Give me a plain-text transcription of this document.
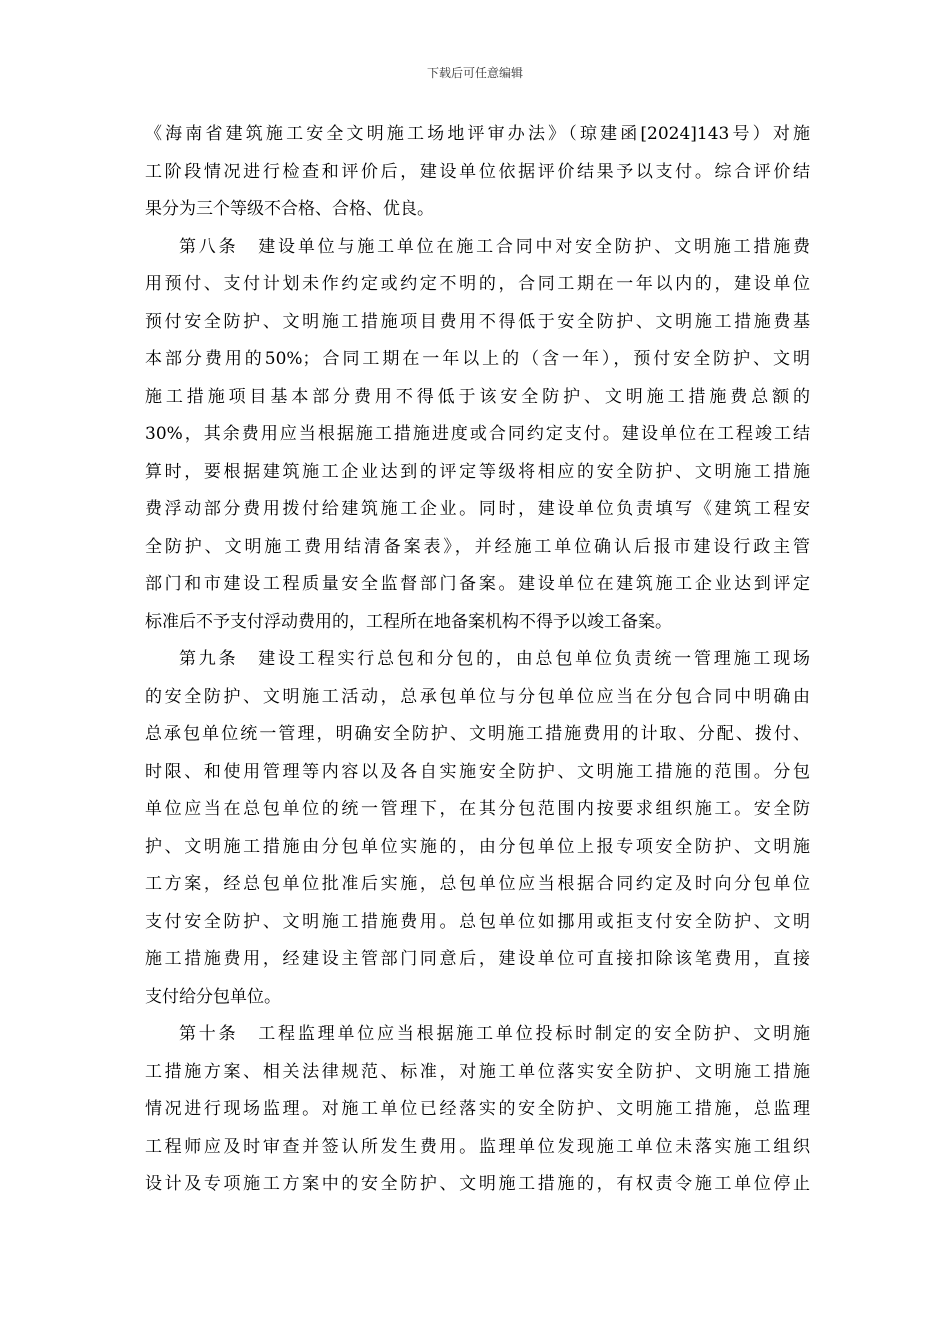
下载后可任意编辑
《海南省建筑施工安全文明施工场地评审办法》（琼建函[2024]143号）对施
工阶段情况进行检查和评价后，建设单位依据评价结果予以支付。综合评价结
果分为三个等级不合格、合格、优良。
第八条　建设单位与施工单位在施工合同中对安全防护、文明施工措施费
用预付、支付计划未作约定或约定不明的，合同工期在一年以内的，建设单位
预付安全防护、文明施工措施项目费用不得低于安全防护、文明施工措施费基
本部分费用的50%；合同工期在一年以上的（含一年），预付安全防护、文明
施工措施项目基本部分费用不得低于该安全防护、文明施工措施费总额的
30%，其余费用应当根据施工措施进度或合同约定支付。建设单位在工程竣工结
算时，要根据建筑施工企业达到的评定等级将相应的安全防护、文明施工措施
费浮动部分费用拨付给建筑施工企业。同时，建设单位负责填写《建筑工程安
全防护、文明施工费用结清备案表》，并经施工单位确认后报市建设行政主管
部门和市建设工程质量安全监督部门备案。建设单位在建筑施工企业达到评定
标准后不予支付浮动费用的，工程所在地备案机构不得予以竣工备案。
第九条　建设工程实行总包和分包的，由总包单位负责统一管理施工现场
的安全防护、文明施工活动，总承包单位与分包单位应当在分包合同中明确由
总承包单位统一管理，明确安全防护、文明施工措施费用的计取、分配、拨付、
时限、和使用管理等内容以及各自实施安全防护、文明施工措施的范围。分包
单位应当在总包单位的统一管理下，在其分包范围内按要求组织施工。安全防
护、文明施工措施由分包单位实施的，由分包单位上报专项安全防护、文明施
工方案，经总包单位批准后实施，总包单位应当根据合同约定及时向分包单位
支付安全防护、文明施工措施费用。总包单位如挪用或拒支付安全防护、文明
施工措施费用，经建设主管部门同意后，建设单位可直接扣除该笔费用，直接
支付给分包单位。
第十条　工程监理单位应当根据施工单位投标时制定的安全防护、文明施
工措施方案、相关法律规范、标准，对施工单位落实安全防护、文明施工措施
情况进行现场监理。对施工单位已经落实的安全防护、文明施工措施，总监理
工程师应及时审查并签认所发生费用。监理单位发现施工单位未落实施工组织
设计及专项施工方案中的安全防护、文明施工措施的，有权责令施工单位停止
